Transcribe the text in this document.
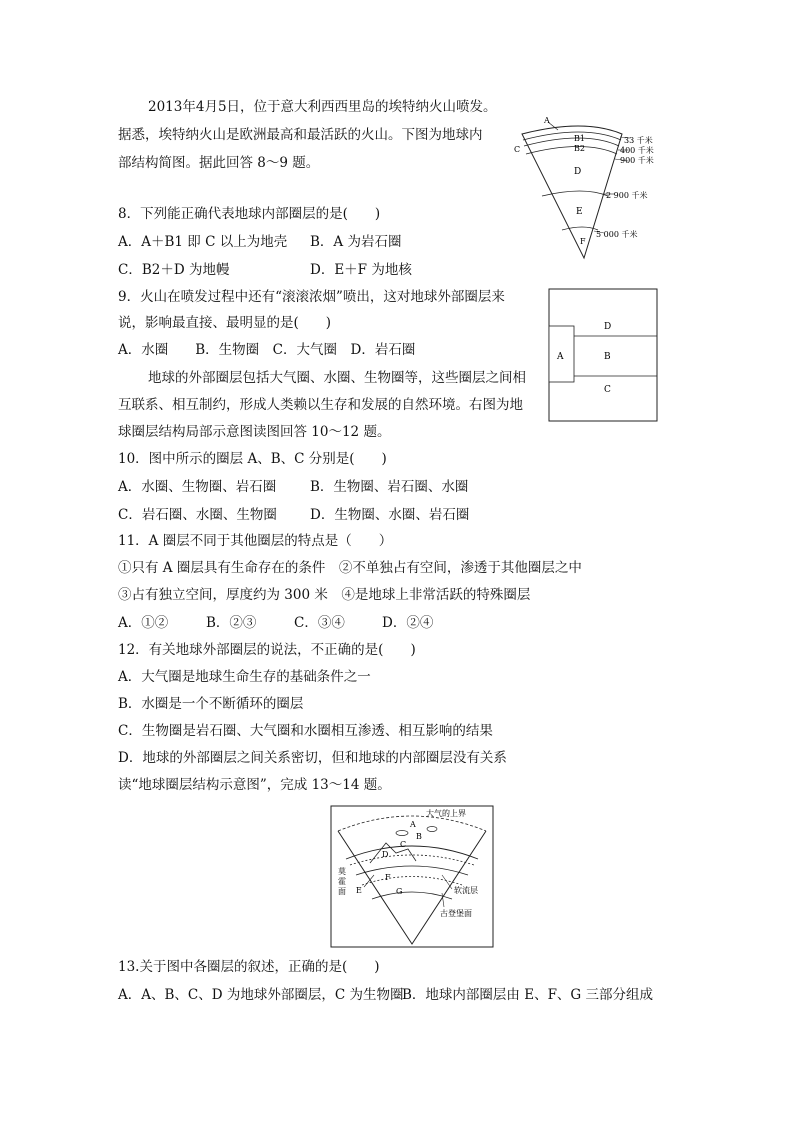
2013年4月5日，位于意大利西西里岛的埃特纳火山喷发。
据悉，埃特纳火山是欧洲最高和最活跃的火山。下图为地球内
部结构简图。据此回答 8～9 题。
A
B1
B2
C
D
E
F
33 千米
400 千米
900 千米
2 900 千米
5 000 千米
8．下列能正确代表地球内部圈层的是(　　)
A．A＋B1 即 C 以上为地壳 B．A 为岩石圈
C．B2＋D 为地幔	D．E＋F 为地核
9．火山在喷发过程中还有“滚滚浓烟”喷出，这对地球外部圈层来
说，影响最直接、最明显的是(　　)
A．水圈　　B．生物圈　C．大气圈　D．岩石圈	A	B
C
D
地球的外部圈层包括大气圈、水圈、生物圈等，这些圈层之间相
互联系、相互制约，形成人类赖以生存和发展的自然环境。右图为地
球圈层结构局部示意图读图回答 10～12 题。
10．图中所示的圈层 A、B、C 分别是(　　)
A．水圈、生物圈、岩石圈	B．生物圈、岩石圈、水圈
C．岩石圈、水圈、生物圈 D．生物圈、水圈、岩石圈
11．A 圈层不同于其他圈层的特点是（　　）
①只有 A 圈层具有生命存在的条件　②不单独占有空间，渗透于其他圈层之中
③占有独立空间，厚度约为 300 米　④是地球上非常活跃的特殊圈层
A．①②	B．②③	C．③④	D．②④
12．有关地球外部圈层的说法，不正确的是(　　)
A．大气圈是地球生命生存的基础条件之一
B．水圈是一个不断循环的圈层
C．生物圈是岩石圈、大气圈和水圈相互渗透、相互影响的结果
D．地球的外部圈层之间关系密切，但和地球的内部圈层没有关系
读“地球圈层结构示意图”，完成 13～14 题。
大气的上界
A
B
C
D
E
F
G
莫
霍
面	软流层
古登堡面
13.关于图中各圈层的叙述，正确的是(　　)
A．A、B、C、D 为地球外部圈层，C 为生物圈
B．地球内部圈层由 E、F、G 三部分组成
